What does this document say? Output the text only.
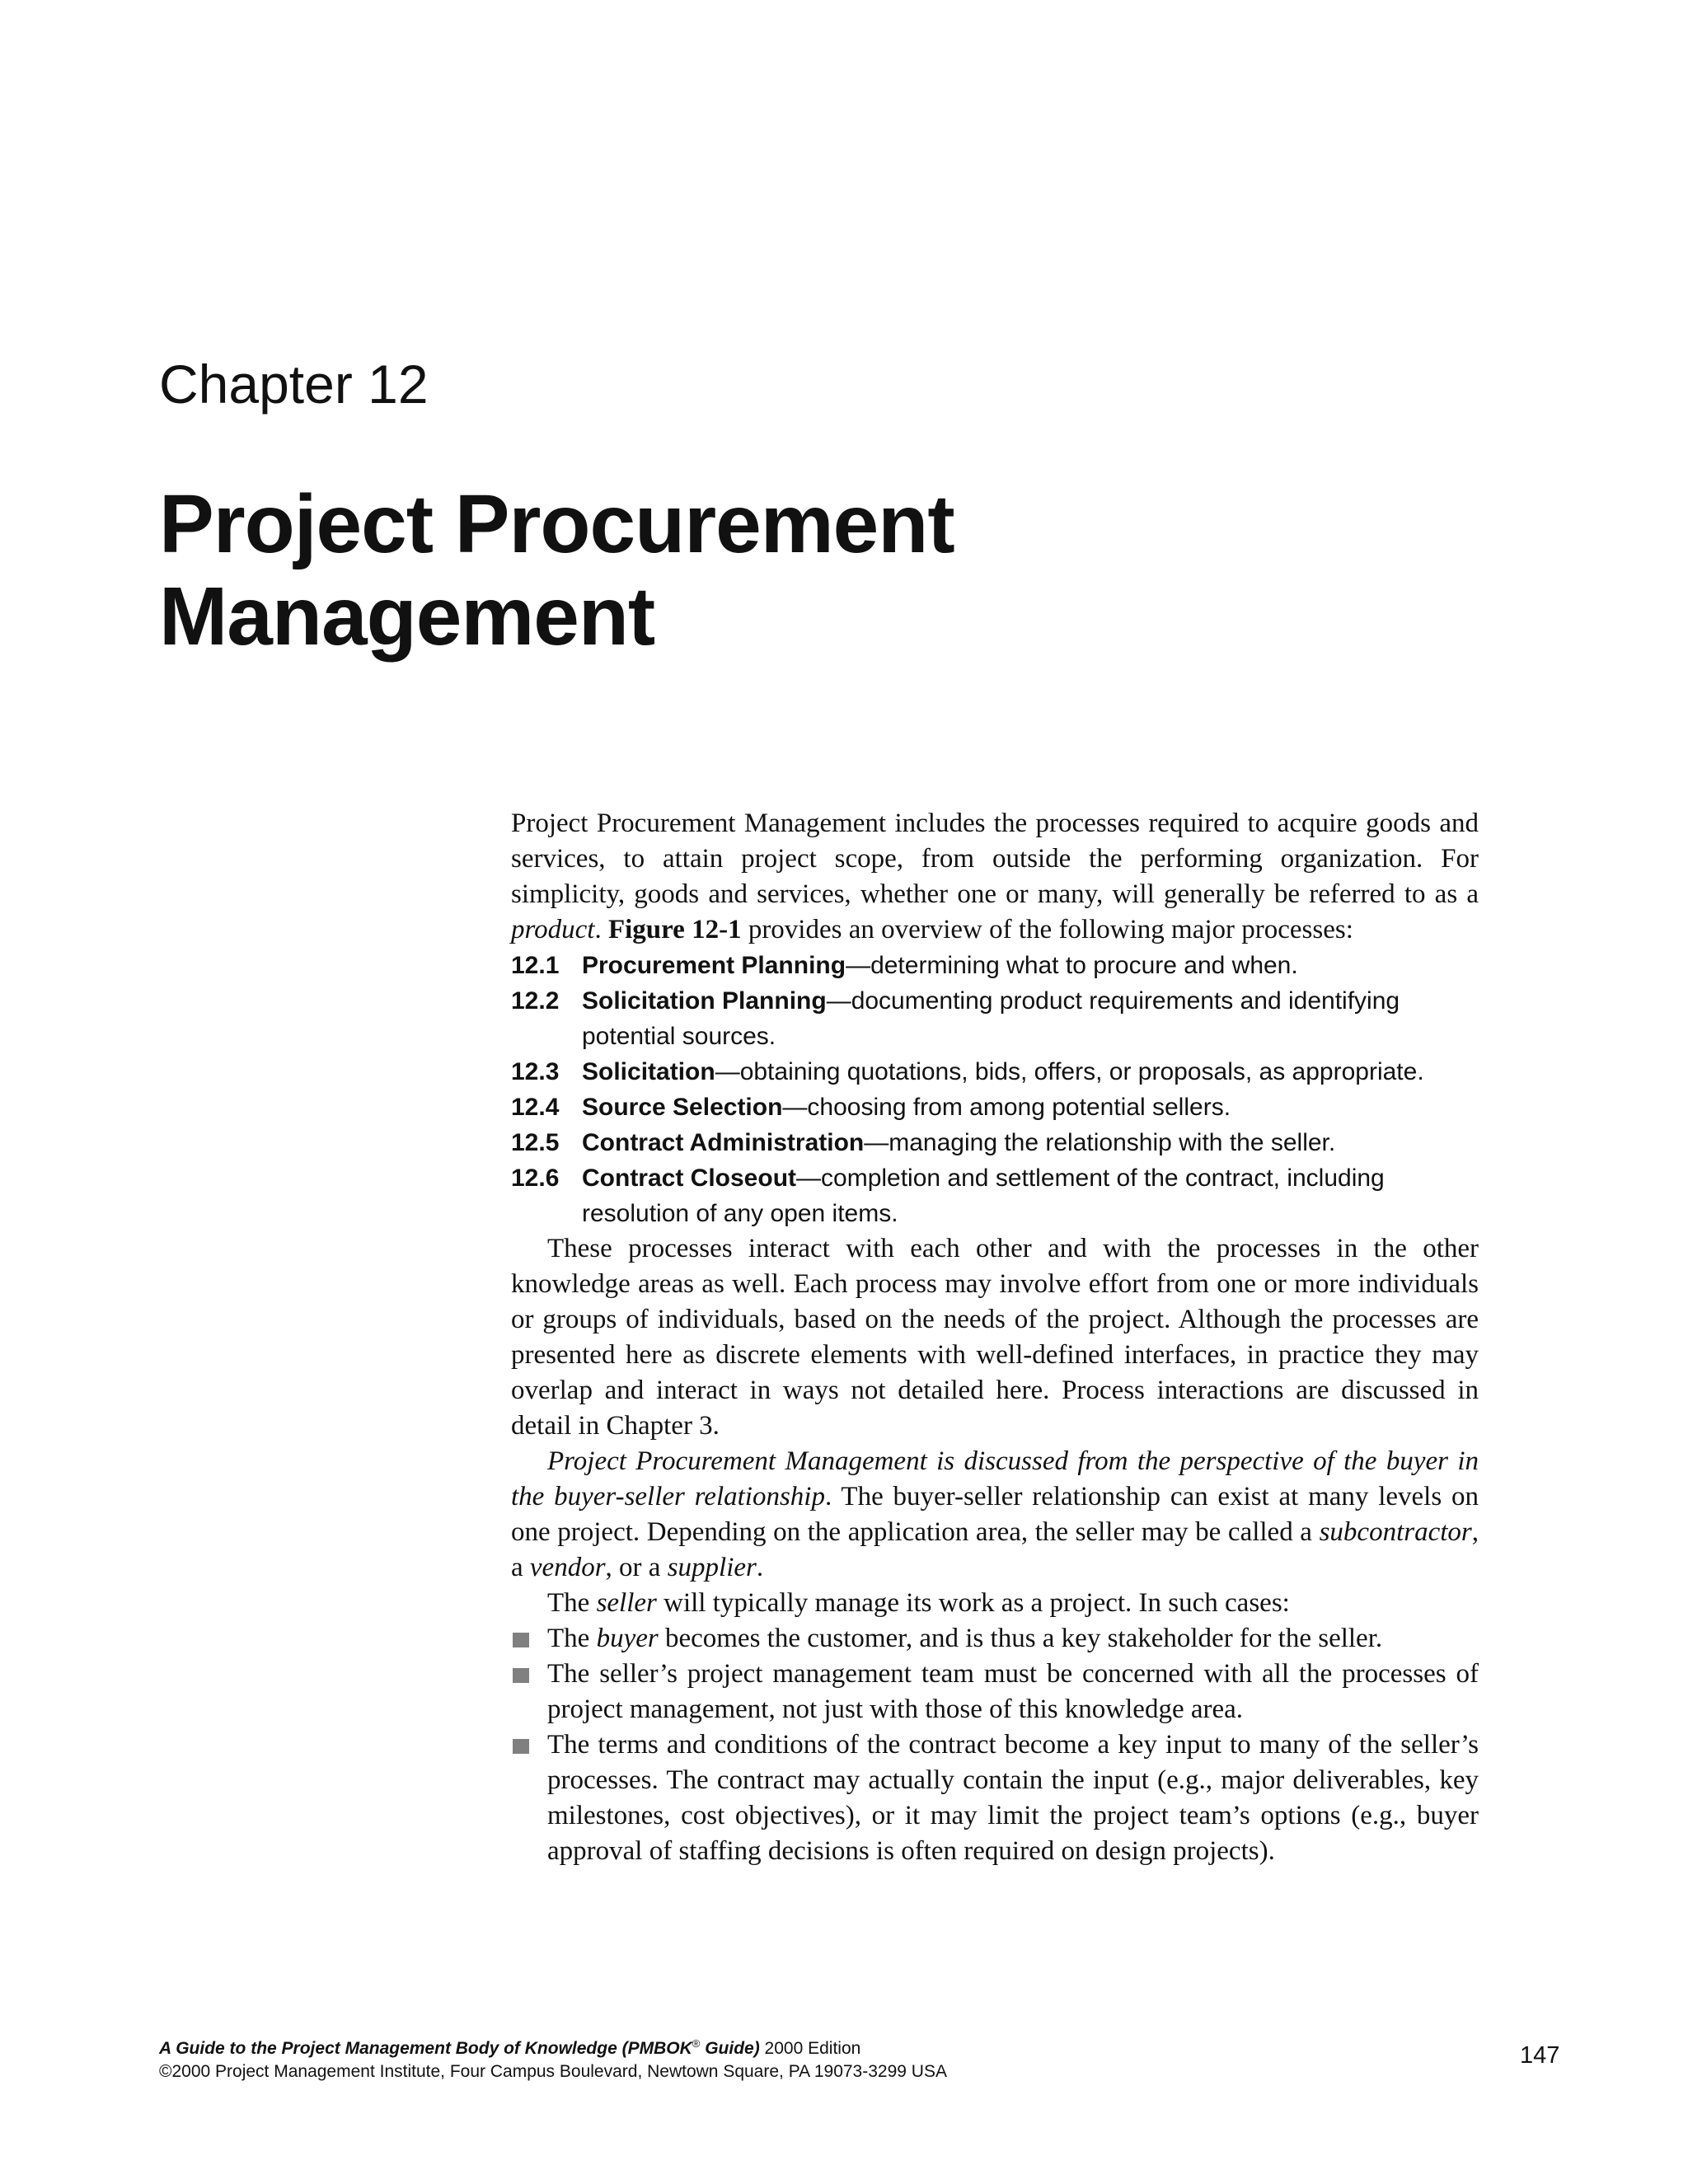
Chapter 12
Project Procurement
Management

Project Procurement Management includes the processes required to acquire goods and services, to attain project scope, from outside the performing organization. For simplicity, goods and services, whether one or many, will generally be referred to as a product. Figure 12-1 provides an overview of the following major processes:

12.1 Procurement Planning—determining what to procure and when.
12.2 Solicitation Planning—documenting product requirements and identifying potential sources.
12.3 Solicitation—obtaining quotations, bids, offers, or proposals, as appropriate.
12.4 Source Selection—choosing from among potential sellers.
12.5 Contract Administration—managing the relationship with the seller.
12.6 Contract Closeout—completion and settlement of the contract, including resolution of any open items.

These processes interact with each other and with the processes in the other knowledge areas as well. Each process may involve effort from one or more individuals or groups of individuals, based on the needs of the project. Although the processes are presented here as discrete elements with well-defined interfaces, in practice they may overlap and interact in ways not detailed here. Process interactions are discussed in detail in Chapter 3.

Project Procurement Management is discussed from the perspective of the buyer in the buyer-seller relationship. The buyer-seller relationship can exist at many levels on one project. Depending on the application area, the seller may be called a subcontractor, a vendor, or a supplier.

The seller will typically manage its work as a project. In such cases:

The buyer becomes the customer, and is thus a key stakeholder for the seller.
The seller’s project management team must be concerned with all the processes of project management, not just with those of this knowledge area.
The terms and conditions of the contract become a key input to many of the seller’s processes. The contract may actually contain the input (e.g., major deliverables, key milestones, cost objectives), or it may limit the project team’s options (e.g., buyer approval of staffing decisions is often required on design projects).
A Guide to the Project Management Body of Knowledge (PMBOK® Guide) 2000 Edition
©2000 Project Management Institute, Four Campus Boulevard, Newtown Square, PA 19073-3299 USA
147
